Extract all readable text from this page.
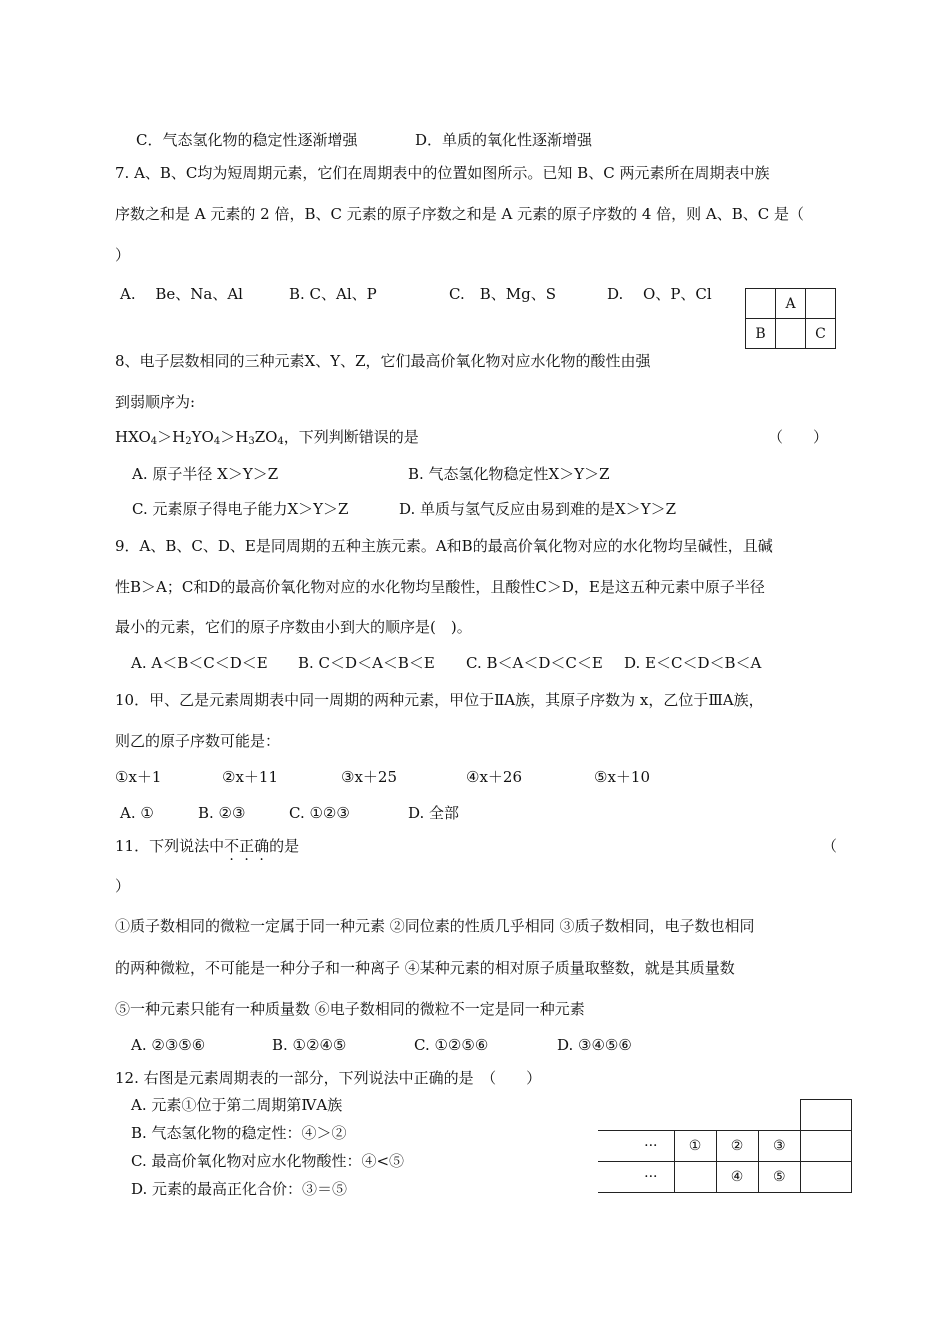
C．气态氢化物的稳定性逐渐增强	D．单质的氧化性逐渐增强
7. A、B、C均为短周期元素，它们在周期表中的位置如图所示。已知 B、C 两元素所在周期表中族
序数之和是 A 元素的 2 倍，B、C 元素的原子序数之和是 A 元素的原子序数的 4 倍，则 A、B、C 是（
）
A.　 Be、Na、Al	B. C、Al、P	C.　B、Mg、S	D.　 O、P、Cl
	A	
B		C
8、电子层数相同的三种元素X、Y、Z，它们最高价氧化物对应水化物的酸性由强
到弱顺序为:
$HXO_4>H_2YO_4>H_3ZO_4$，下列判断错误的是	（　　）
A. 原子半径 X＞Y＞Z	B. 气态氢化物稳定性X＞Y＞Z
C. 元素原子得电子能力X＞Y＞Z	D. 单质与氢气反应由易到难的是X＞Y＞Z
9．A、B、C、D、E是同周期的五种主族元素。A和B的最高价氧化物对应的水化物均呈碱性，且碱
性B＞A；C和D的最高价氧化物对应的水化物均呈酸性，且酸性C＞D，E是这五种元素中原子半径
最小的元素，它们的原子序数由小到大的顺序是(　)。
A. A＜B＜C＜D＜E B. C＜D＜A＜B＜E C. B＜A＜D＜C＜E D. E＜C＜D＜B＜A
10．甲、乙是元素周期表中同一周期的两种元素，甲位于ⅡA族，其原子序数为 x，乙位于ⅢA族，
则乙的原子序数可能是：
①x＋1	②x＋11	③x＋25	④x＋26	⑤x＋10
A. ①	B. ②③	C. ①②③	D. 全部
11．下列说法中不正确的是	（
）
①质子数相同的微粒一定属于同一种元素 ②同位素的性质几乎相同 ③质子数相同，电子数也相同
的两种微粒，不可能是一种分子和一种离子 ④某种元素的相对原子质量取整数，就是其质量数
⑤一种元素只能有一种质量数 ⑥电子数相同的微粒不一定是同一种元素
A. ②③⑤⑥	B. ①②④⑤	C. ①②⑤⑥	D. ③④⑤⑥
12. 右图是元素周期表的一部分，下列说法中正确的是　（　　）
A. 元素①位于第二周期第ⅣA族
B. 气态氢化物的稳定性：④＞②
C. 最高价氧化物对应水化物酸性：④<⑤
D. 元素的最高正化合价：③＝⑤

···	①	②	③	
···		④	⑤	
